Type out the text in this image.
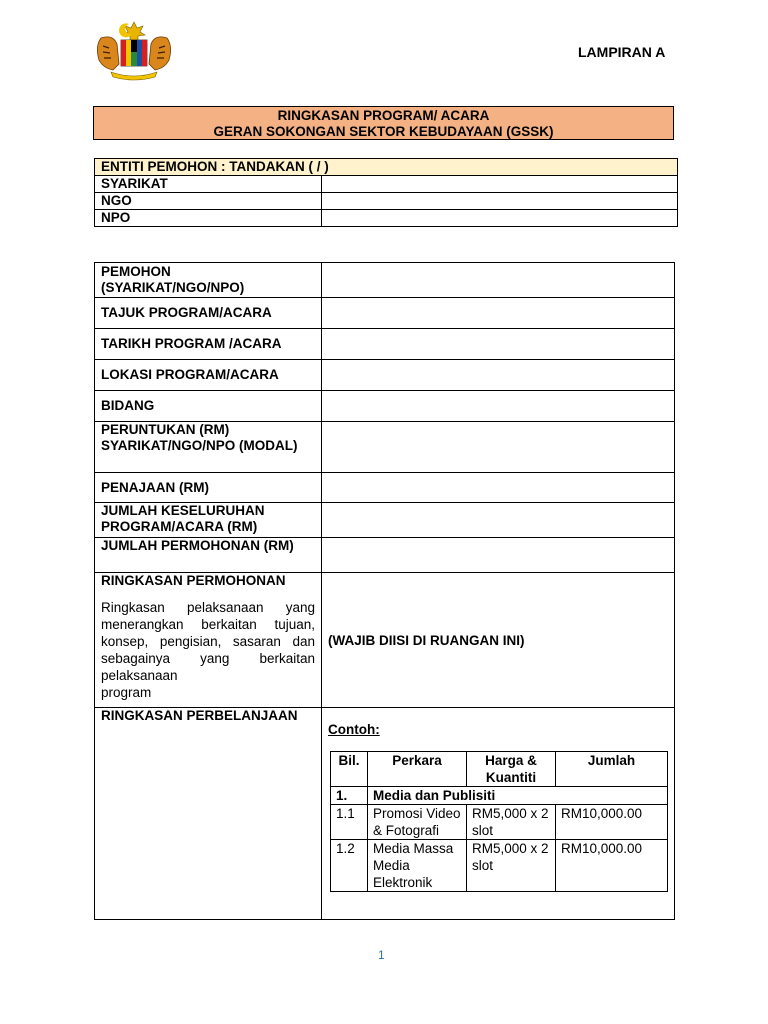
LAMPIRAN A
RINGKASAN PROGRAM/ ACARA
GERAN SOKONGAN SEKTOR KEBUDAYAAN (GSSK)
ENTITI PEMOHON : TANDAKAN ( / )	
SYARIKAT	
NGO	
NPO	
PEMOHON (SYARIKAT/NGO/NPO)	
TAJUK PROGRAM/ACARA	
TARIKH PROGRAM /ACARA	
LOKASI PROGRAM/ACARA	
BIDANG	
PERUNTUKAN (RM) SYARIKAT/NGO/NPO (MODAL)	
PENAJAAN (RM)	
JUMLAH KESELURUHAN PROGRAM/ACARA (RM)	
JUMLAH PERMOHONAN (RM)	

RINGKASAN PERMOHONAN
Ringkasan pelaksanaan yang menerangkan berkaitan tujuan, konsep, pengisian, sasaran dan sebagainya yang berkaitan pelaksanaan
program
	(WAJIB DIISI DI RUANGAN INI)
RINGKASAN PERBELANJAAN	
Contoh:
Bil.	Perkara	Harga & Kuantiti	Jumlah
1.	Media dan Publisiti
1.1	Promosi Video & Fotografi	RM5,000 x 2 slot	RM10,000.00
1.2	Media Massa Media Elektronik	RM5,000 x 2 slot	RM10,000.00
1
